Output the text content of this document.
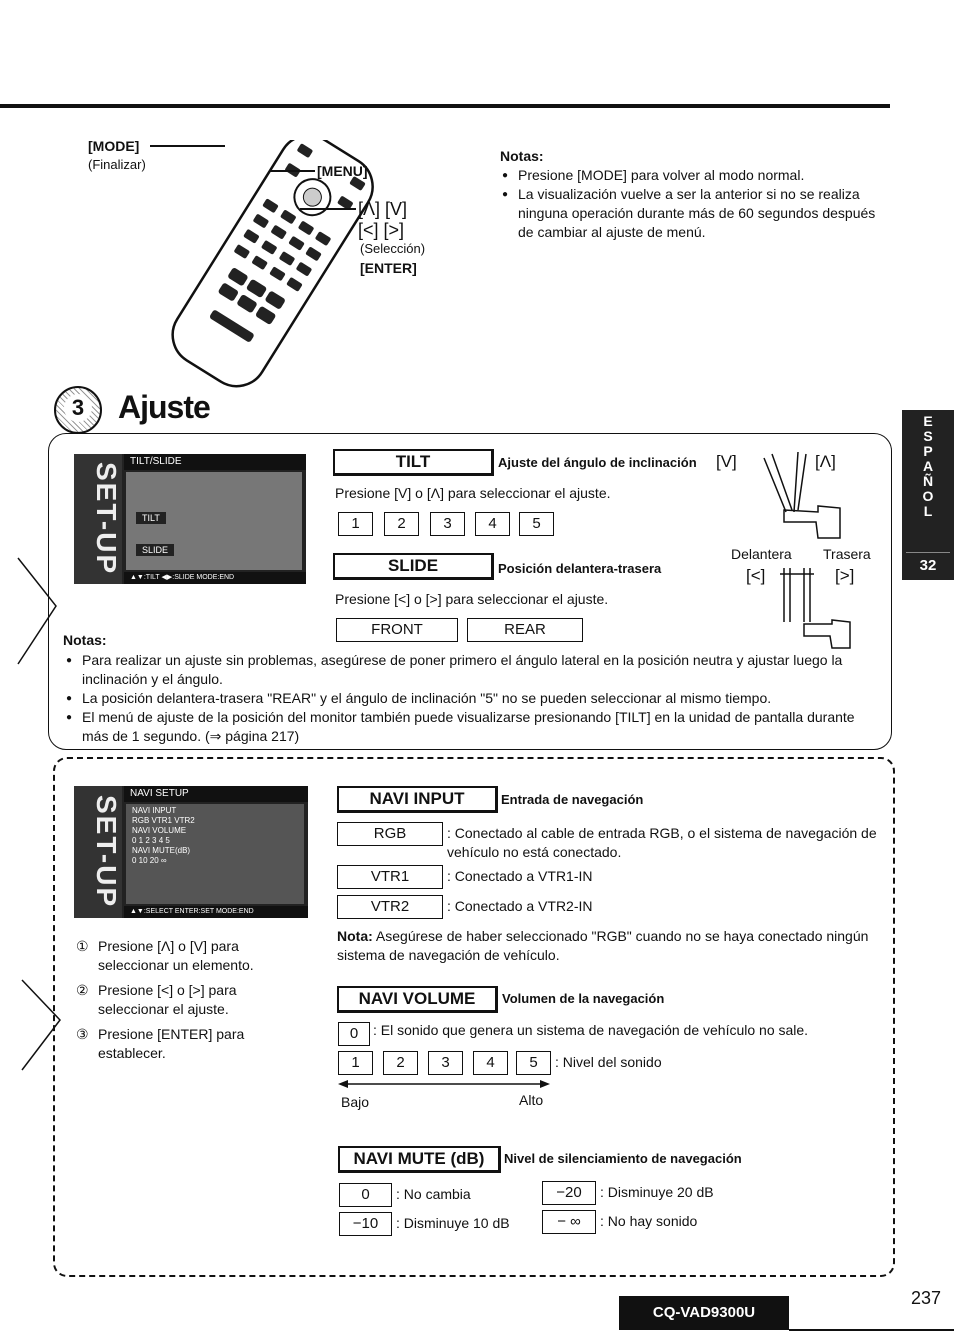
[MODE]
(Finalizar)	[MENU]
[Λ] [V]
[<] [>]
(Selección)
[ENTER]
Notas:
● Presione [MODE] para volver al modo normal.
● La visualización vuelve a ser la anterior si no se realiza ninguna operación durante más de 60 segundos después de cambiar al ajuste de menú.
3 Ajuste
SET-UP
TILT/SLIDE
TILT
SLIDE
▲▼:TILT ◀▶:SLIDE MODE:END
TILT	Ajuste del ángulo de inclinación [V]	[Λ]
Presione [V] o [Λ] para seleccionar el ajuste.
1	2	3	4	5
SLIDE	Posición delantera-trasera
Delantera Trasera
[<]	[>]
Presione [<] o [>] para seleccionar el ajuste.
FRONT	REAR
Notas:
● Para realizar un ajuste sin problemas, asegúrese de poner primero el ángulo lateral en la posición neutra y ajustar luego la inclinación y el ángulo.
● La posición delantera-trasera "REAR" y el ángulo de inclinación "5" no se pueden seleccionar al mismo tiempo.
● El menú de ajuste de la posición del monitor también puede visualizarse presionando [TILT] en la unidad de pantalla durante más de 1 segundo. (⇒ página 217)
E
S
P
A
Ñ
O
L
32
SET-UP
NAVI SETUP
NAVI INPUT
RGB VTR1 VTR2
NAVI VOLUME
0 1 2 3 4 5
NAVI MUTE(dB)
0 10 20 ∞
▲▼:SELECT ENTER:SET MODE:END
① Presione [Λ] o [V] para seleccionar un elemento.
② Presione [<] o [>] para seleccionar el ajuste.
③ Presione [ENTER] para establecer.
NAVI INPUT	Entrada de navegación
RGB	: Conectado al cable de entrada RGB, o el sistema de navegación de vehículo no está conectado.
VTR1	: Conectado a VTR1-IN
VTR2	: Conectado a VTR2-IN
Nota: Asegúrese de haber seleccionado "RGB" cuando no se haya conectado ningún sistema de navegación de vehículo.
NAVI VOLUME	Volumen de la navegación
0	: El sonido que genera un sistema de navegación de vehículo no sale.
1	2	3	4	5	: Nivel del sonido
Bajo	Alto
NAVI MUTE (dB)	Nivel de silenciamiento de navegación
0	: No cambia	−20	: Disminuye 20 dB
−10	: Disminuye 10 dB	− ∞	: No hay sonido
237
CQ-VAD9300U
